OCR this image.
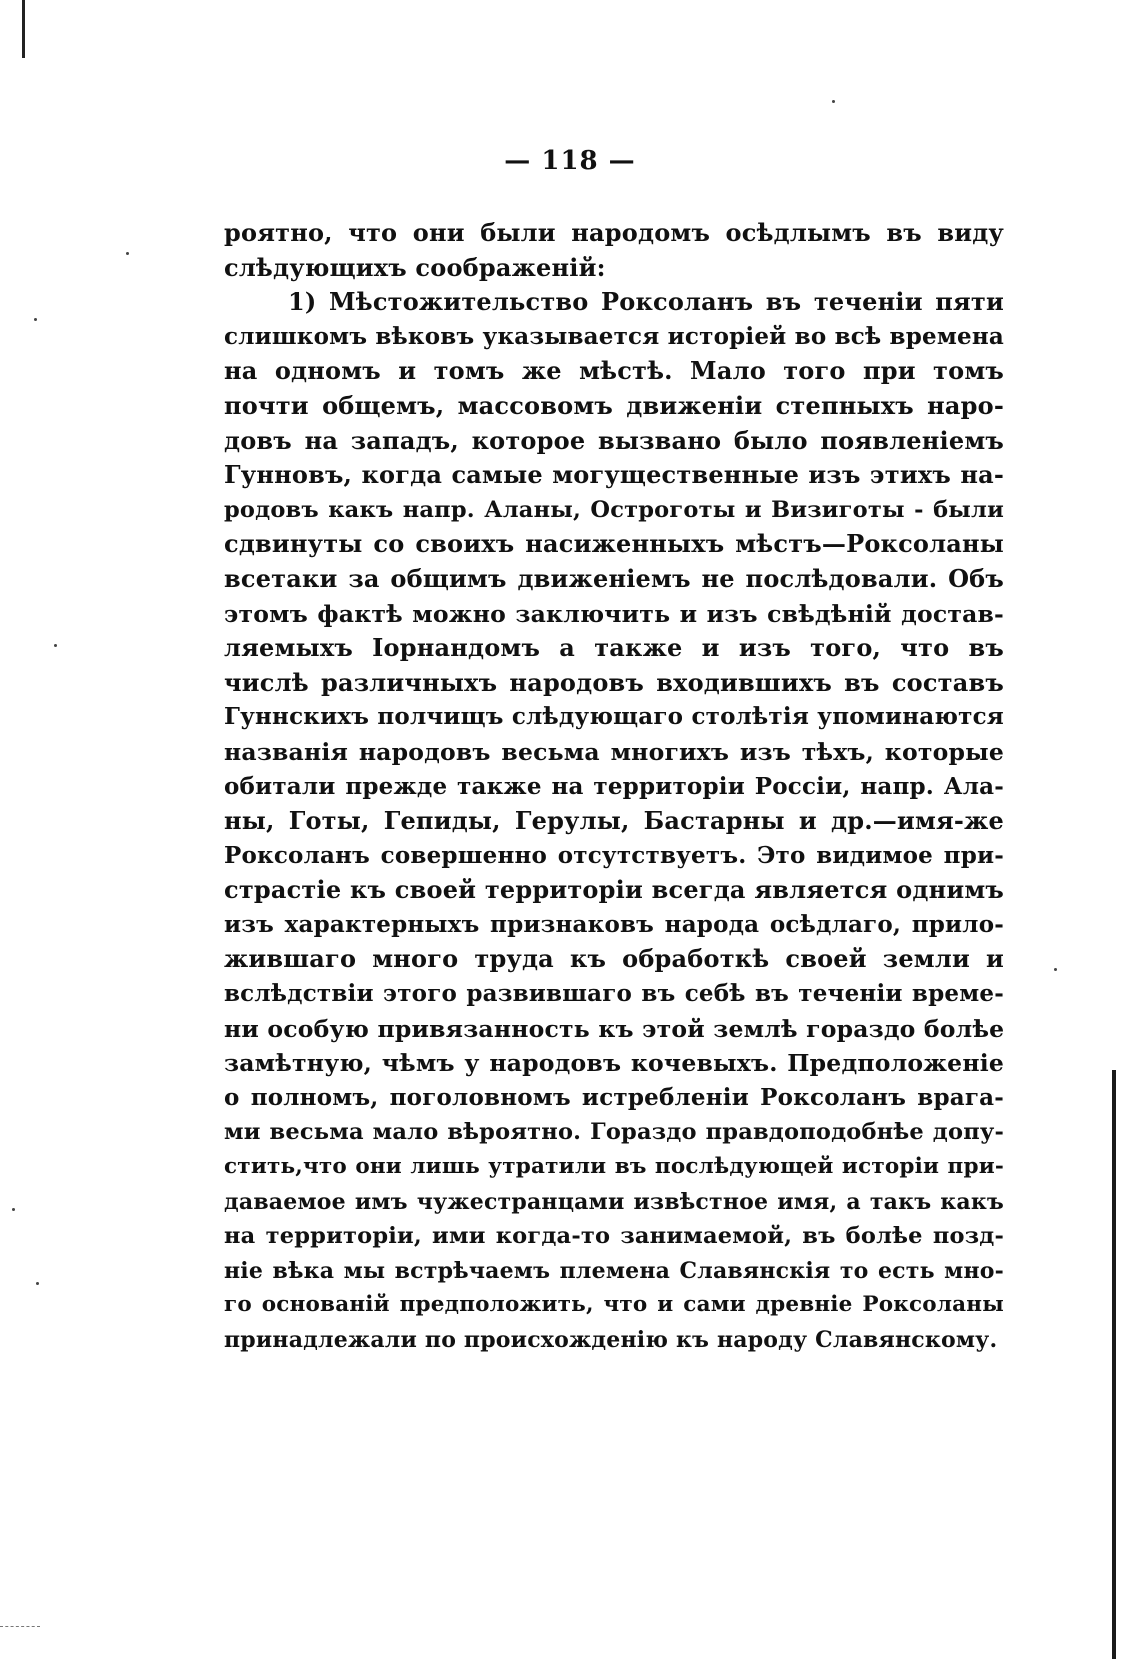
— 118 —
роятно, что они были народомъ осѣдлымъ въ виду
слѣдующихъ соображеній:
1) Мѣстожительство Роксоланъ въ теченіи пяти
слишкомъ вѣковъ указывается исторіей во всѣ времена
на одномъ и томъ же мѣстѣ. Мало того при томъ
почти общемъ, массовомъ движеніи степныхъ наро-
довъ на западъ, которое вызвано было появленіемъ
Гунновъ, когда самые могущественные изъ этихъ на-
родовъ какъ напр. Аланы, Остроготы и Визиготы - были
сдвинуты со своихъ насиженныхъ мѣстъ—Роксоланы
всетаки за общимъ движеніемъ не послѣдовали. Объ
этомъ фактѣ можно заключить и изъ свѣдѣній достав-
ляемыхъ Іорнандомъ а также и изъ того, что въ
числѣ различныхъ народовъ входившихъ въ составъ
Гуннскихъ полчищъ слѣдующаго столѣтія упоминаются
названія народовъ весьма многихъ изъ тѣхъ, которые
обитали прежде также на территоріи Россіи, напр. Ала-
ны, Готы, Гепиды, Герулы, Бастарны и др.—имя-же
Роксоланъ совершенно отсутствуетъ. Это видимое при-
страстіе къ своей территоріи всегда является однимъ
изъ характерныхъ признаковъ народа осѣдлаго, прило-
жившаго много труда къ обработкѣ своей земли и
вслѣдствіи этого развившаго въ себѣ въ теченіи време-
ни особую привязанность къ этой землѣ гораздо болѣе
замѣтную, чѣмъ у народовъ кочевыхъ. Предположеніе
о полномъ, поголовномъ истребленіи Роксоланъ врага-
ми весьма мало вѣроятно. Гораздо правдоподобнѣе допу-
стить,что они лишь утратили въ послѣдующей исторіи при-
даваемое имъ чужестранцами извѣстное имя, а такъ какъ
на территоріи, ими когда-то занимаемой, въ болѣе позд-
ніе вѣка мы встрѣчаемъ племена Славянскія то есть мно-
го основаній предположить, что и сами древніе Роксоланы
принадлежали по происхожденію къ народу Славянскому.
